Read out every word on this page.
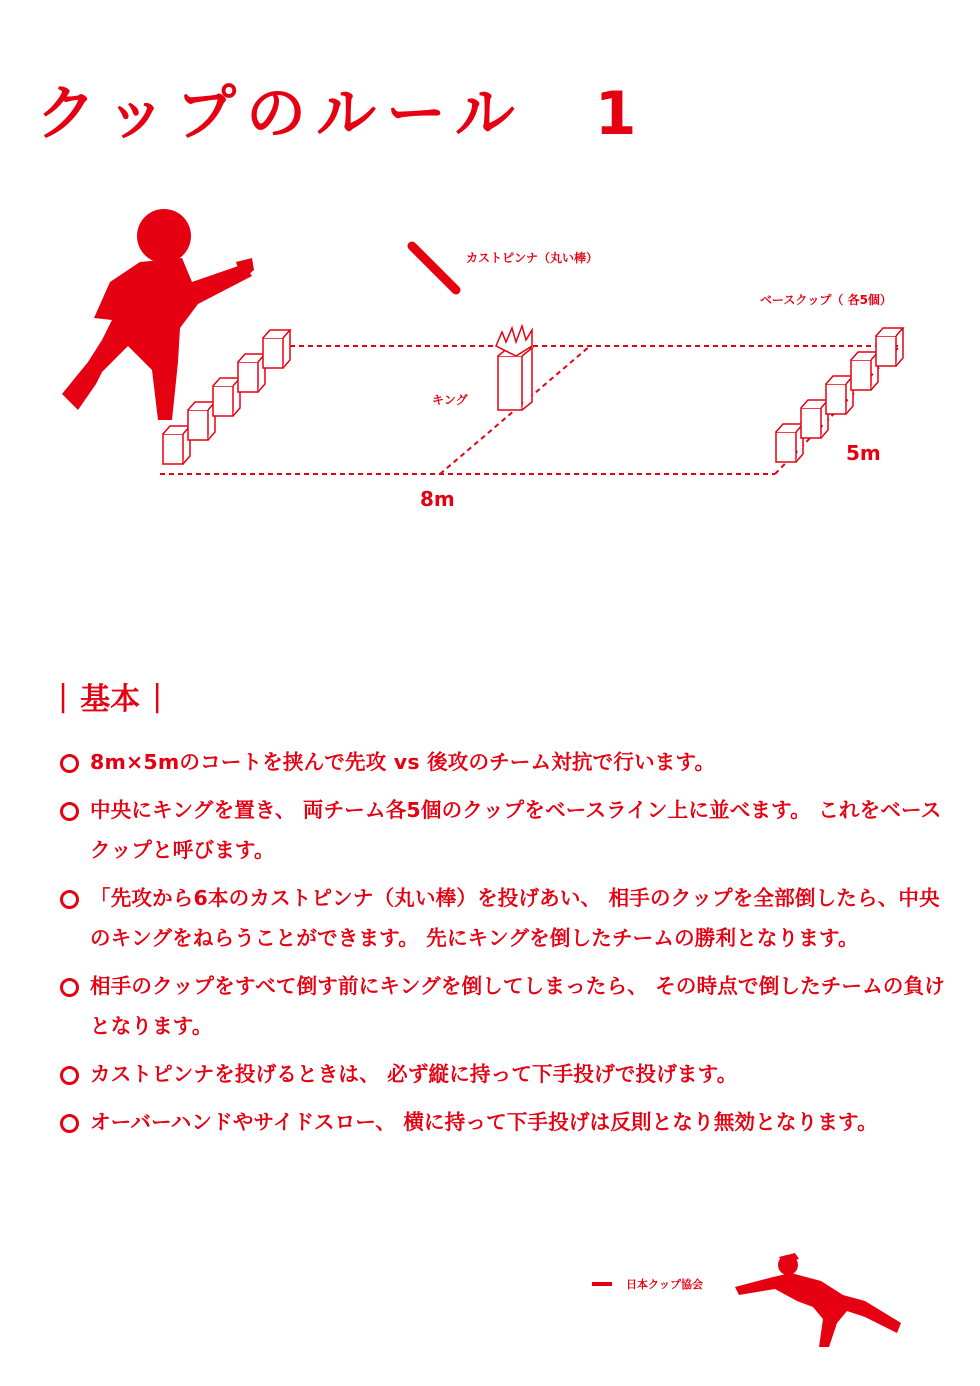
クップのルール　1
カストピンナ（丸い棒）
ベースクップ（ 各5個）
キング
5m
8m
| 基本 |
8m×5mのコートを挟んで先攻 vs 後攻のチーム対抗で行います。
中央にキングを置き、 両チーム各5個のクップをベースライン上に並べます。 これをベースクップと呼びます。
「先攻から6本のカストピンナ（丸い棒）を投げあい、 相手のクップを全部倒したら、中央のキングをねらうことができます。 先にキングを倒したチームの勝利となります。
相手のクップをすべて倒す前にキングを倒してしまったら、 その時点で倒したチームの負けとなります。
カストピンナを投げるときは、 必ず縦に持って下手投げで投げます。
オーバーハンドやサイドスロー、 横に持って下手投げは反則となり無効となります。
日本クップ協会
